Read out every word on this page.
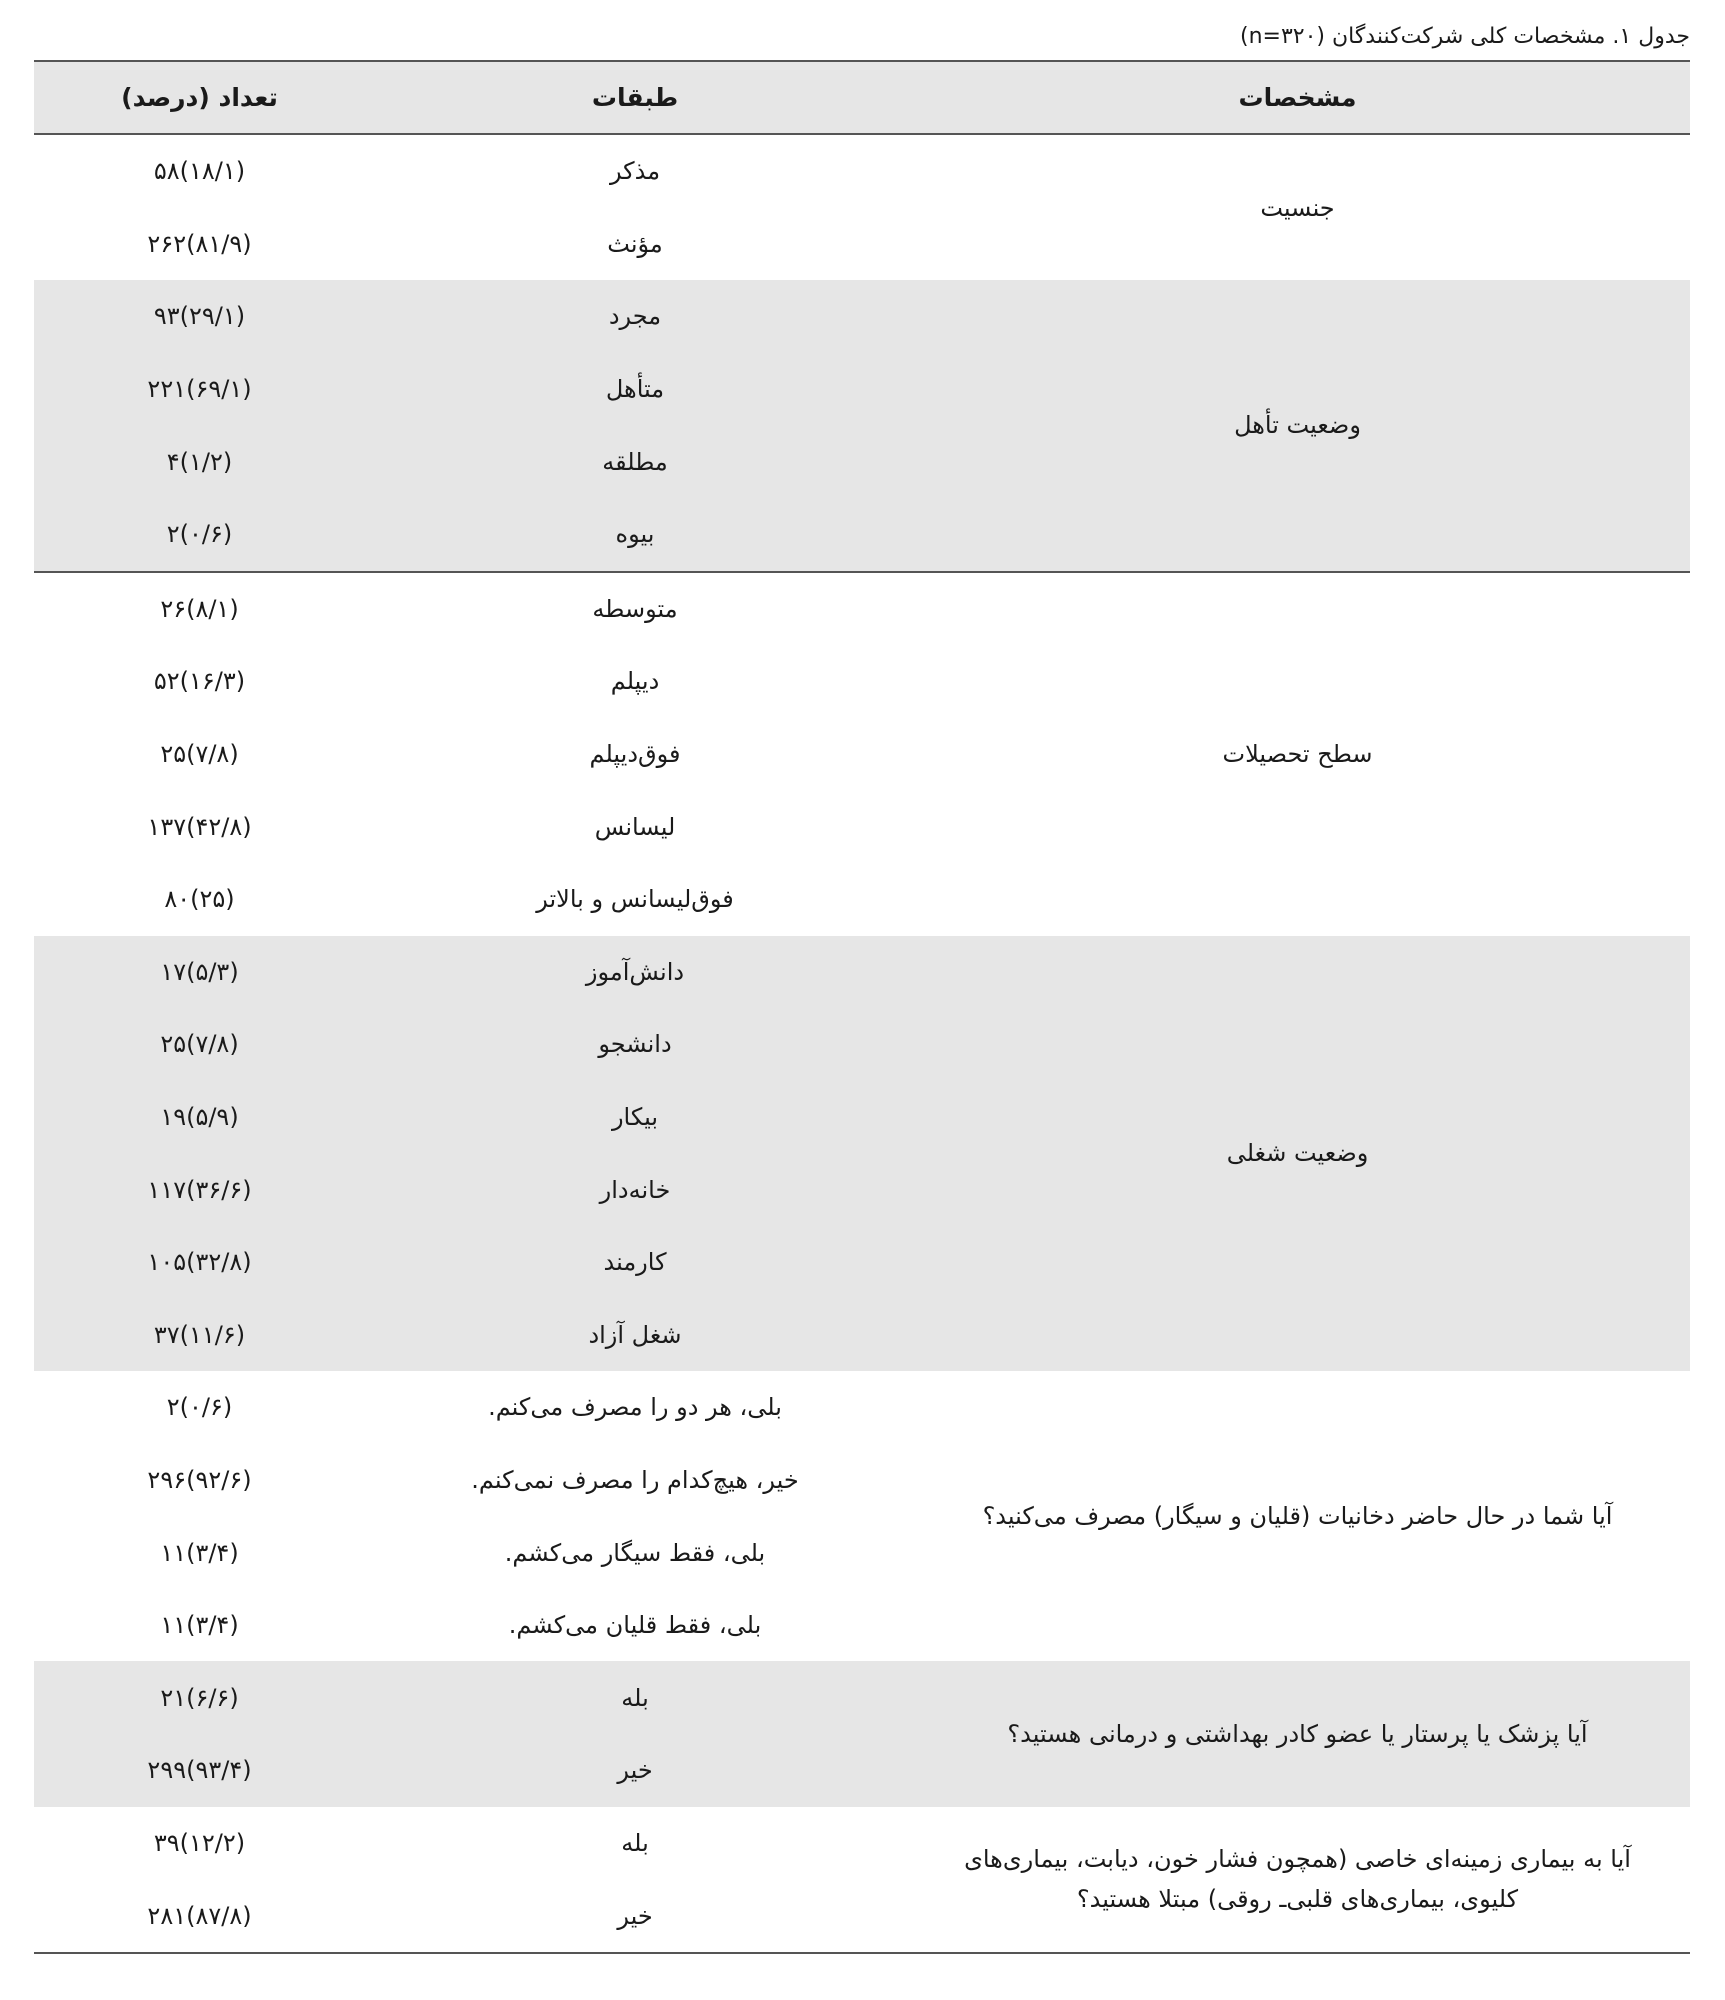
جدول ۱. مشخصات کلی شرکت‌کنندگان (n=۳۲۰)
مشخصات	طبقات	تعداد (درصد)
جنسیت	مذکر	۵۸(۱۸/۱)
	مؤنث	۲۶۲(۸۱/۹)
وضعیت تأهل	مجرد	۹۳(۲۹/۱)
	متأهل	۲۲۱(۶۹/۱)
	مطلقه	۴(۱/۲)
	بیوه	۲(۰/۶)
سطح تحصیلات	متوسطه	۲۶(۸/۱)
	دیپلم	۵۲(۱۶/۳)
	فوق‌دیپلم	۲۵(۷/۸)
	لیسانس	۱۳۷(۴۲/۸)
	فوق‌لیسانس و بالاتر	۸۰(۲۵)
وضعیت شغلی	دانش‌آموز	۱۷(۵/۳)
	دانشجو	۲۵(۷/۸)
	بیکار	۱۹(۵/۹)
	خانه‌دار	۱۱۷(۳۶/۶)
	کارمند	۱۰۵(۳۲/۸)
	شغل آزاد	۳۷(۱۱/۶)
آیا شما در حال حاضر دخانیات (قلیان و سیگار) مصرف می‌کنید؟	بلی، هر دو را مصرف می‌کنم.	۲(۰/۶)
	خیر، هیچ‌کدام را مصرف نمی‌کنم.	۲۹۶(۹۲/۶)
	بلی، فقط سیگار می‌کشم.	۱۱(۳/۴)
	بلی، فقط قلیان می‌کشم.	۱۱(۳/۴)
آیا پزشک یا پرستار یا عضو کادر بهداشتی و درمانی هستید؟	بله	۲۱(۶/۶)
	خیر	۲۹۹(۹۳/۴)
آیا به بیماری زمینه‌ای خاصی (همچون فشار خون، دیابت، بیماری‌های کلیوی، بیماری‌های قلبی‌ـ روقی) مبتلا هستید؟	بله	۳۹(۱۲/۲)
	خیر	۲۸۱(۸۷/۸)
